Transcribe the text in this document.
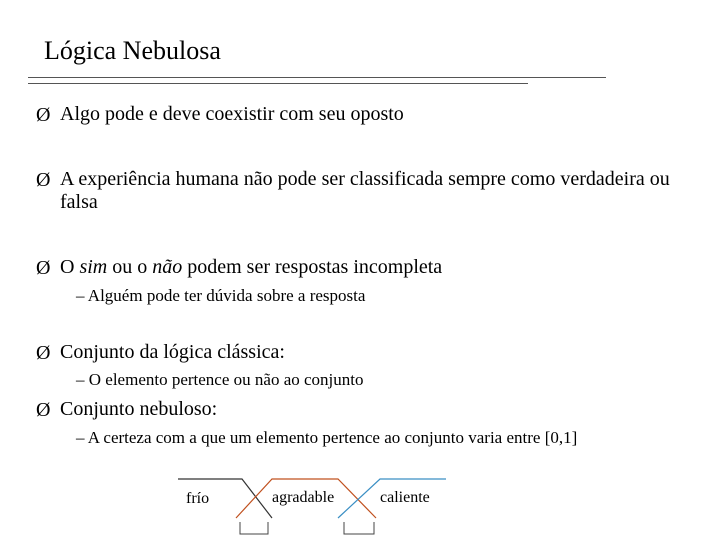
Lógica Nebulosa
Ø Algo pode e deve coexistir com seu oposto
Ø A experiência humana não pode ser classificada sempre como verdadeira ou falsa
Ø O sim ou o não podem ser respostas incompleta
– Alguém pode ter dúvida sobre a resposta
Ø Conjunto da lógica clássica:
– O elemento pertence ou não ao conjunto
Ø Conjunto nebuloso:
– A certeza com a que um elemento pertence ao conjunto varia entre [0,1]
frío	agradable	caliente
